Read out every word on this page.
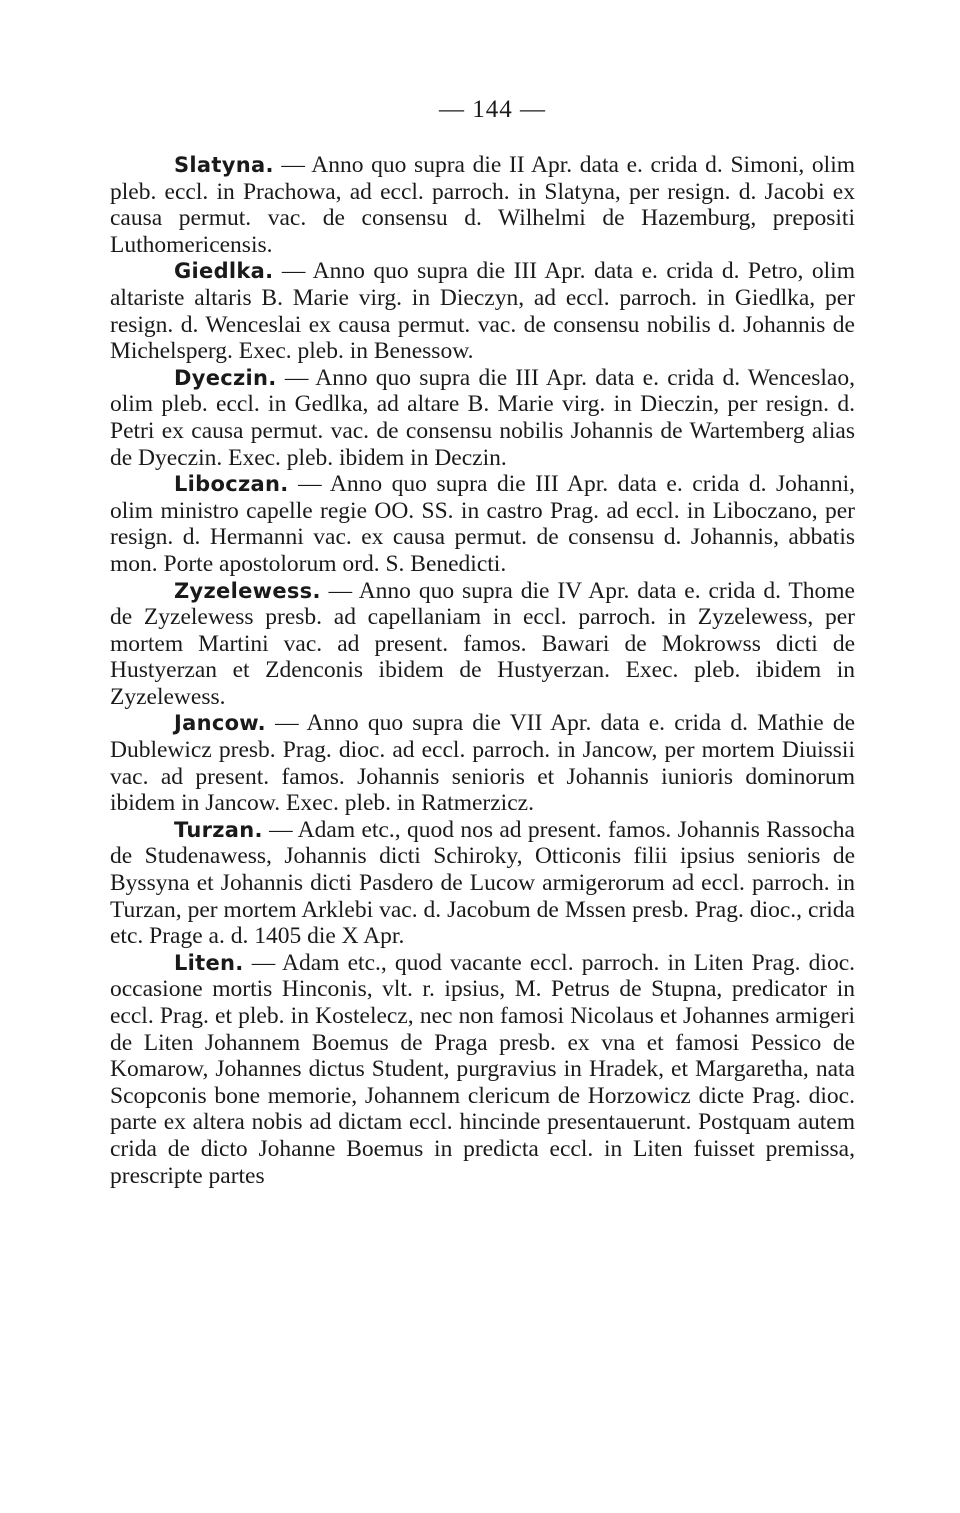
— 144 —

Slatyna. — Anno quo supra die II Apr. data e. crida d. Simoni, olim pleb. eccl. in Prachowa, ad eccl. parroch. in Slatyna, per resign. d. Jacobi ex causa permut. vac. de consensu d. Wilhelmi de Hazemburg, prepositi Luthomericensis.

Giedlka. — Anno quo supra die III Apr. data e. crida d. Petro, olim altariste altaris B. Marie virg. in Dieczyn, ad eccl. parroch. in Giedlka, per resign. d. Wenceslai ex causa permut. vac. de consensu nobilis d. Johannis de Michelsperg. Exec. pleb. in Benessow.

Dyeczin. — Anno quo supra die III Apr. data e. crida d. Wenceslao, olim pleb. eccl. in Gedlka, ad altare B. Marie virg. in Dieczin, per resign. d. Petri ex causa permut. vac. de consensu nobilis Johannis de Wartemberg alias de Dyeczin. Exec. pleb. ibidem in Deczin.

Liboczan. — Anno quo supra die III Apr. data e. crida d. Johanni, olim ministro capelle regie OO. SS. in castro Prag. ad eccl. in Liboczano, per resign. d. Hermanni vac. ex causa permut. de consensu d. Johannis, abbatis mon. Porte apostolorum ord. S. Benedicti.

Zyzelewess. — Anno quo supra die IV Apr. data e. crida d. Thome de Zyzelewess presb. ad capellaniam in eccl. parroch. in Zyzelewess, per mortem Martini vac. ad present. famos. Bawari de Mokrowss dicti de Hustyerzan et Zdenconis ibidem de Hustyerzan. Exec. pleb. ibidem in Zyzelewess.

Jancow. — Anno quo supra die VII Apr. data e. crida d. Mathie de Dublewicz presb. Prag. dioc. ad eccl. parroch. in Jancow, per mortem Diuissii vac. ad present. famos. Johannis senioris et Johannis iunioris dominorum ibidem in Jancow. Exec. pleb. in Ratmerzicz.

Turzan. — Adam etc., quod nos ad present. famos. Johannis Rassocha de Studenawess, Johannis dicti Schiroky, Otticonis filii ipsius senioris de Byssyna et Johannis dicti Pasdero de Lucow armigerorum ad eccl. parroch. in Turzan, per mortem Arklebi vac. d. Jacobum de Mssen presb. Prag. dioc., crida etc. Prage a. d. 1405 die X Apr.

Liten. — Adam etc., quod vacante eccl. parroch. in Liten Prag. dioc. occasione mortis Hinconis, vlt. r. ipsius, M. Petrus de Stupna, predicator in eccl. Prag. et pleb. in Kostelecz, nec non famosi Nicolaus et Johannes armigeri de Liten Johannem Boemus de Praga presb. ex vna et famosi Pessico de Komarow, Johannes dictus Student, purgravius in Hradek, et Margaretha, nata Scopconis bone memorie, Johannem clericum de Horzowicz dicte Prag. dioc. parte ex altera nobis ad dictam eccl. hincinde presentauerunt. Postquam autem crida de dicto Johanne Boemus in predicta eccl. in Liten fuisset premissa, prescripte partes
